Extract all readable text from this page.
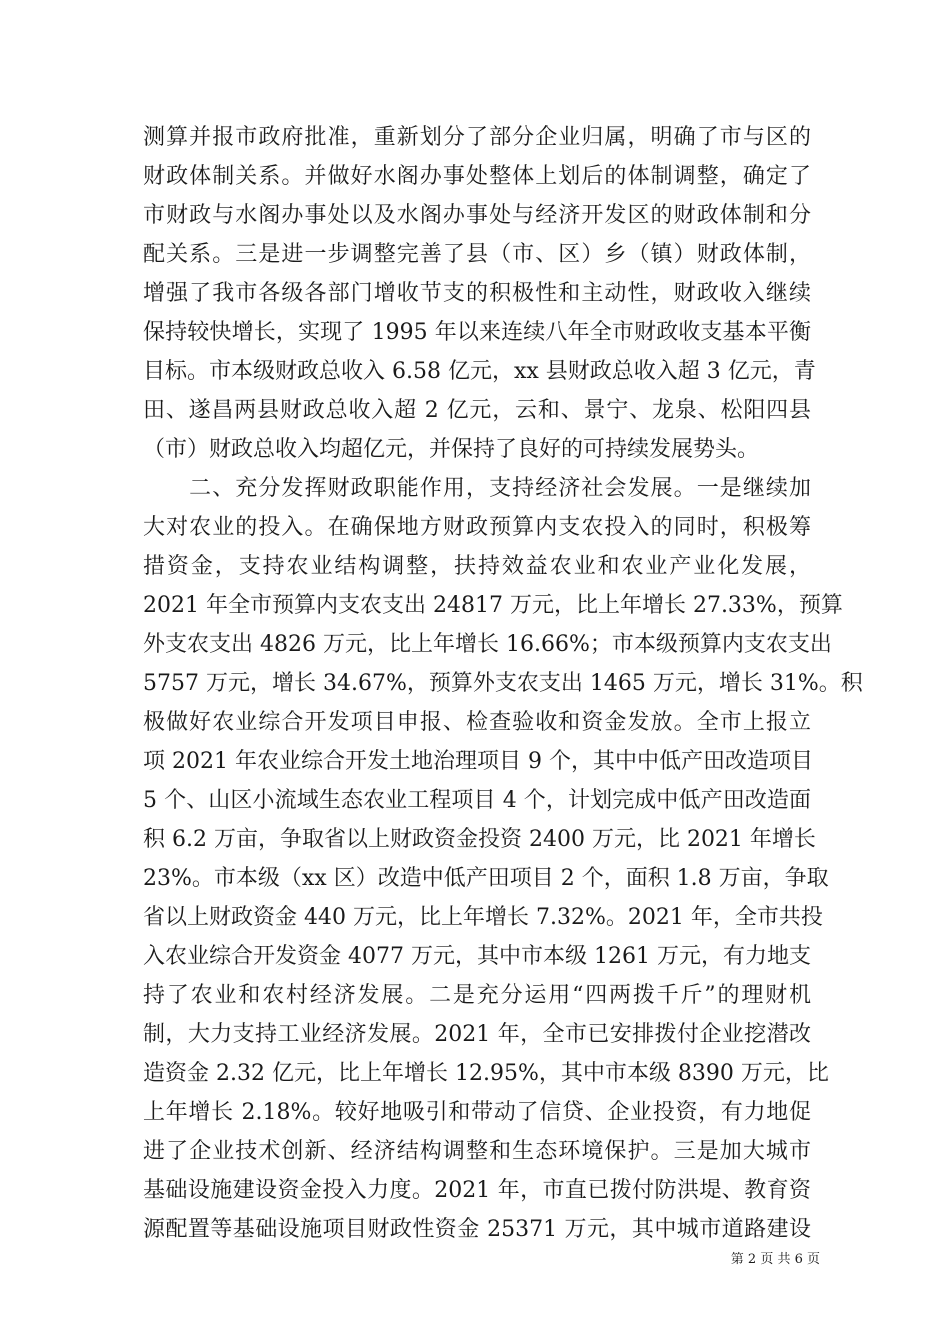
测算并报市政府批准，重新划分了部分企业归属，明确了市与区的
财政体制关系。并做好水阁办事处整体上划后的体制调整，确定了
市财政与水阁办事处以及水阁办事处与经济开发区的财政体制和分
配关系。三是进一步调整完善了县（市、区）乡（镇）财政体制，
增强了我市各级各部门增收节支的积极性和主动性，财政收入继续
保持较快增长，实现了 1995 年以来连续八年全市财政收支基本平衡
目标。市本级财政总收入 6.58 亿元，xx 县财政总收入超 3 亿元，青
田、遂昌两县财政总收入超 2 亿元，云和、景宁、龙泉、松阳四县
（市）财政总收入均超亿元，并保持了良好的可持续发展势头。
　　二、充分发挥财政职能作用，支持经济社会发展。一是继续加
大对农业的投入。在确保地方财政预算内支农投入的同时，积极筹
措资金，支持农业结构调整，扶持效益农业和农业产业化发展，
2021 年全市预算内支农支出 24817 万元，比上年增长 27.33%，预算
外支农支出 4826 万元，比上年增长 16.66%；市本级预算内支农支出
5757 万元，增长 34.67%，预算外支农支出 1465 万元，增长 31%。积
极做好农业综合开发项目申报、检查验收和资金发放。全市上报立
项 2021 年农业综合开发土地治理项目 9 个，其中中低产田改造项目
5 个、山区小流域生态农业工程项目 4 个，计划完成中低产田改造面
积 6.2 万亩，争取省以上财政资金投资 2400 万元，比 2021 年增长
23%。市本级（xx 区）改造中低产田项目 2 个，面积 1.8 万亩，争取
省以上财政资金 440 万元，比上年增长 7.32%。2021 年，全市共投
入农业综合开发资金 4077 万元，其中市本级 1261 万元，有力地支
持了农业和农村经济发展。二是充分运用“四两拨千斤”的理财机
制，大力支持工业经济发展。2021 年，全市已安排拨付企业挖潜改
造资金 2.32 亿元，比上年增长 12.95%，其中市本级 8390 万元，比
上年增长 2.18%。较好地吸引和带动了信贷、企业投资，有力地促
进了企业技术创新、经济结构调整和生态环境保护。三是加大城市
基础设施建设资金投入力度。2021 年，市直已拨付防洪堤、教育资
源配置等基础设施项目财政性资金 25371 万元，其中城市道路建设
第 2 页 共 6 页
